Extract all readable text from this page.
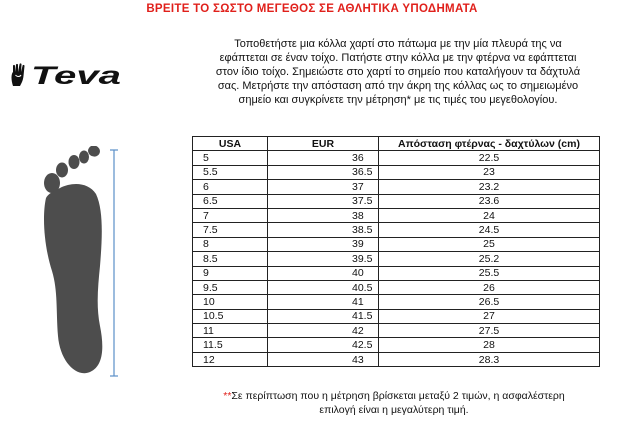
ΒΡΕΙΤΕ ΤΟ ΣΩΣΤΟ ΜΕΓΕΘΟΣ ΣΕ ΑΘΛΗΤΙΚΑ ΥΠΟΔΗΜΑΤΑ
Τοποθετήστε μια κόλλα χαρτί στο πάτωμα με την μία πλευρά της να
εφάπτεται σε έναν τοίχο. Πατήστε στην κόλλα με την φτέρνα να εφάπτεται
στον ίδιο τοίχο. Σημειώστε στο χαρτί το σημείο που καταλήγουν τα δάχτυλά
σας. Μετρήστε την απόσταση από την άκρη της κόλλας ως το σημειωμένο
σημείο και συγκρίνετε την μέτρηση* με τις τιμές του μεγεθολογίου.
Teva
USA	EUR	Απόσταση φτέρνας - δαχτύλων (cm)
5	36	22.5
5.5	36.5	23
6	37	23.2
6.5	37.5	23.6
7	38	24
7.5	38.5	24.5
8	39	25
8.5	39.5	25.2
9	40	25.5
9.5	40.5	26
10	41	26.5
10.5	41.5	27
11	42	27.5
11.5	42.5	28
12	43	28.3
**Σε περίπτωση που η μέτρηση βρίσκεται μεταξύ 2 τιμών, η ασφαλέστερη
επιλογή είναι η μεγαλύτερη τιμή.
